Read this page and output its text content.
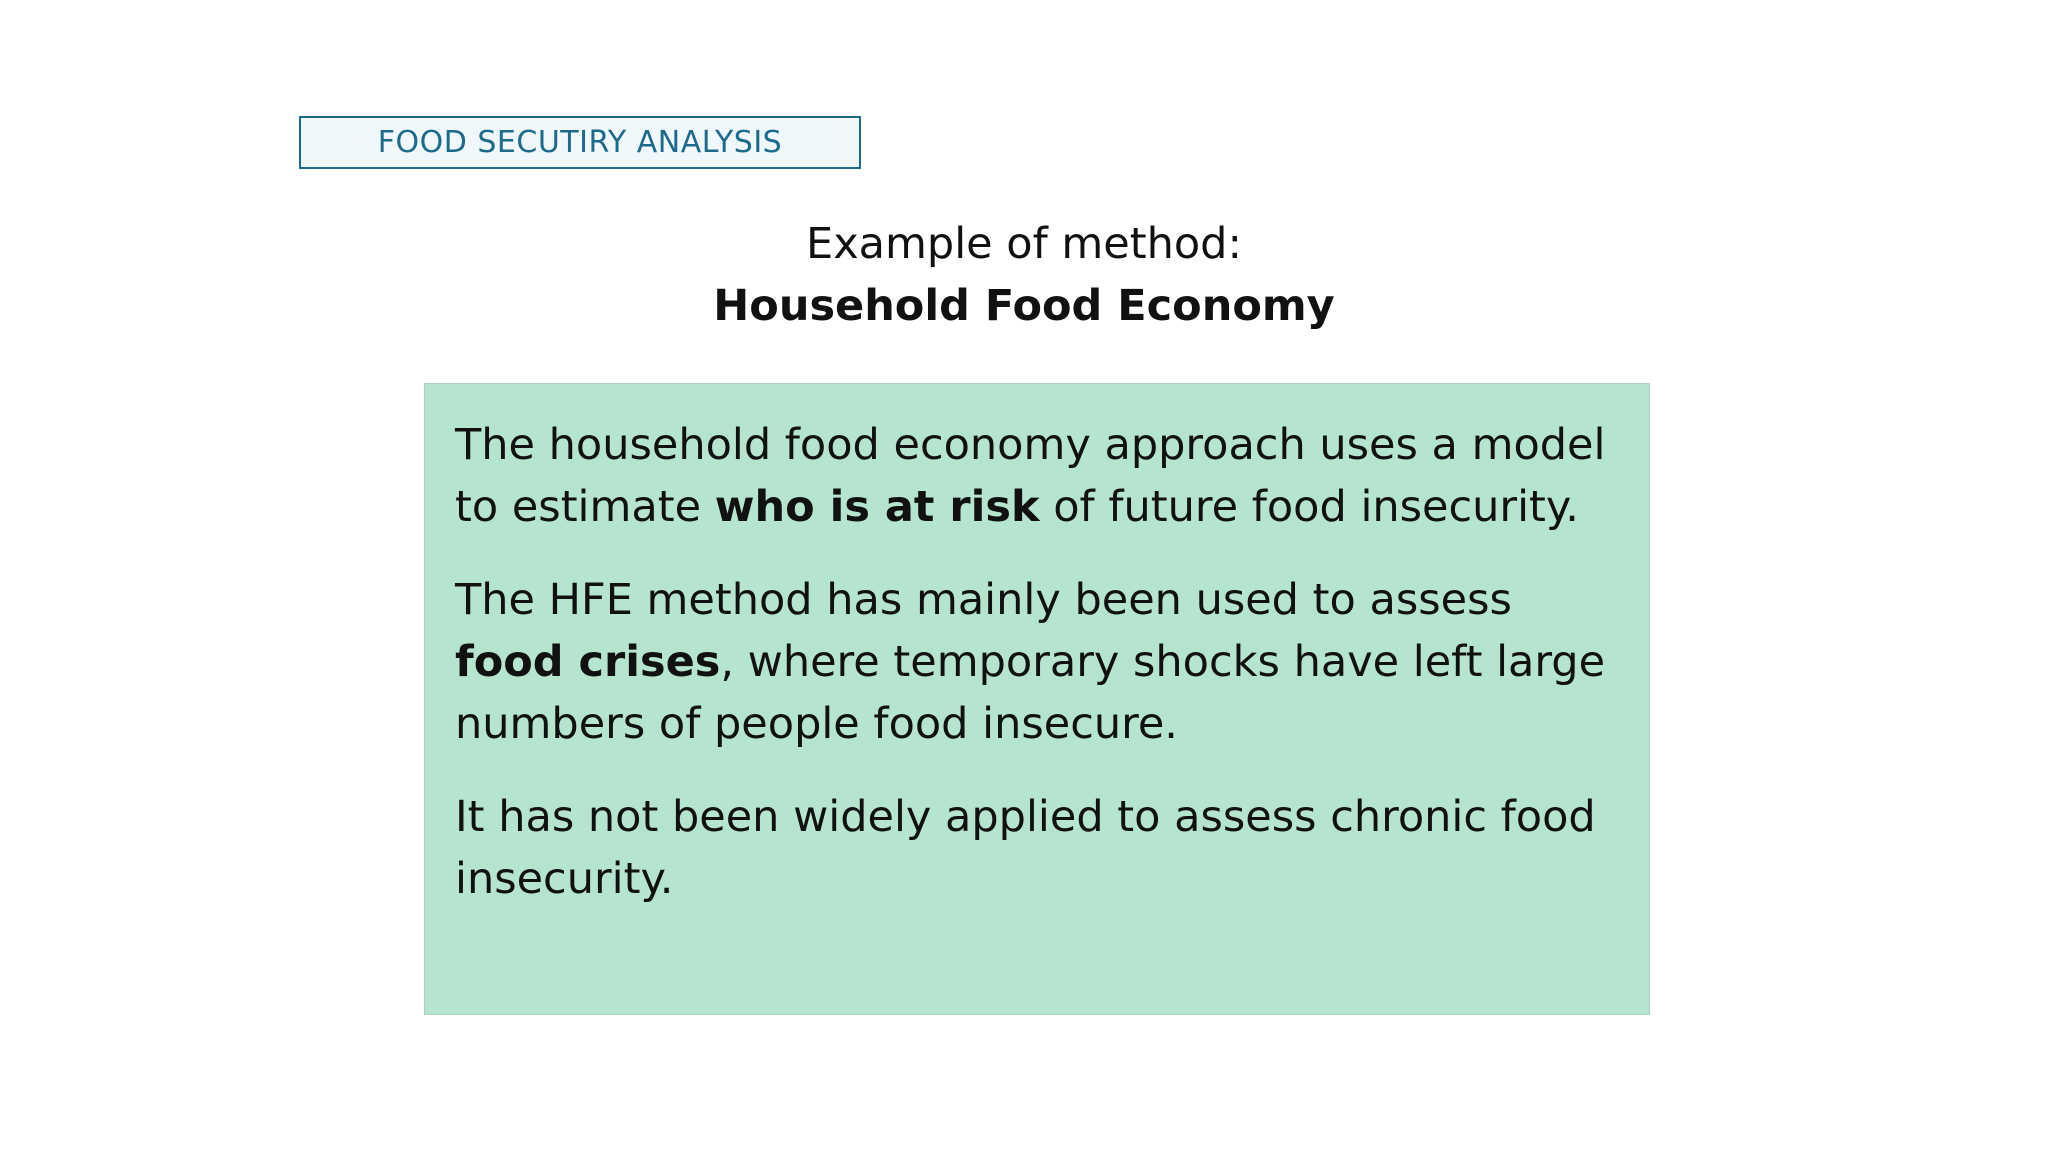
FOOD SECUTIRY ANALYSIS
Example of method:
Household Food Economy

The household food economy approach uses a model to estimate who is at risk of future food insecurity.

The HFE method has mainly been used to assess food crises, where temporary shocks have left large numbers of people food insecure.

It has not been widely applied to assess chronic food insecurity.
